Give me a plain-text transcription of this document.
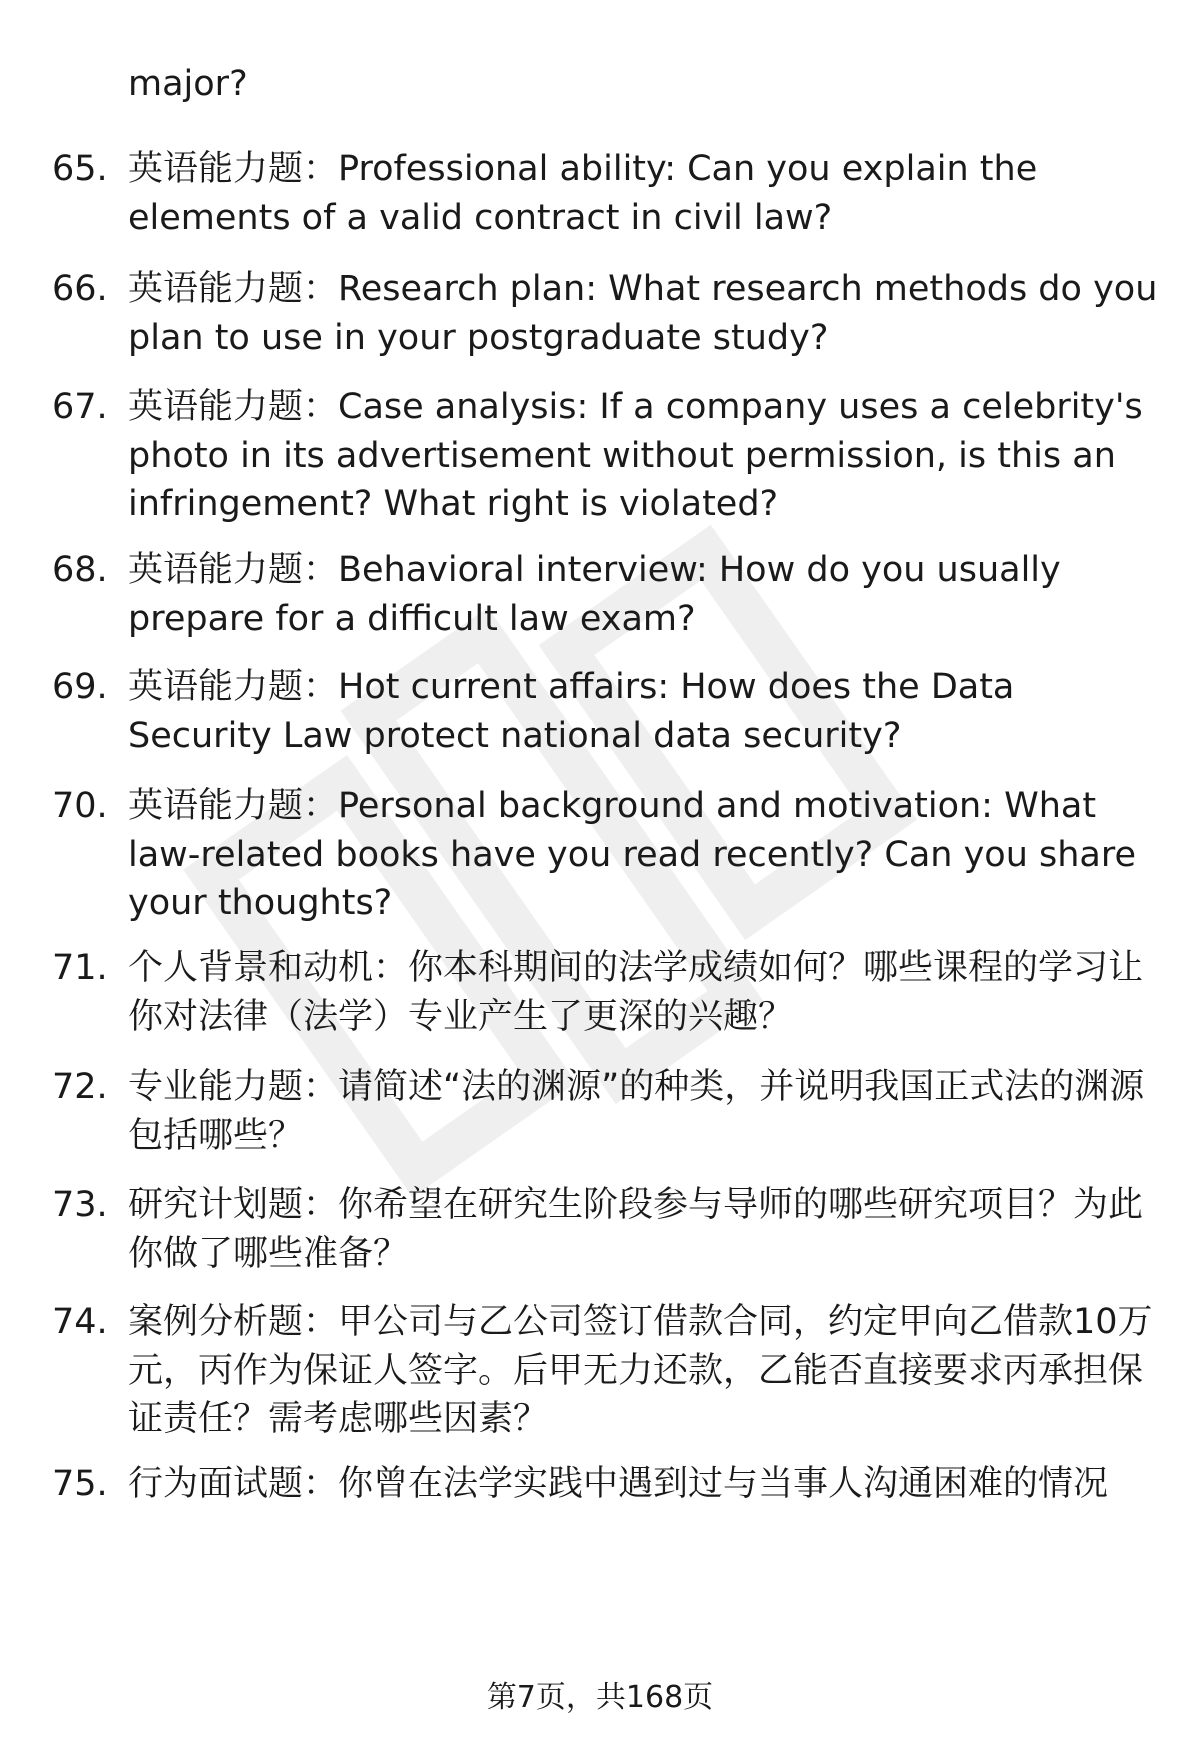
major?
65. 英语能力题：Professional ability: Can you explain the elements of a valid contract in civil law?
66. 英语能力题：Research plan: What research methods do you plan to use in your postgraduate study?
67. 英语能力题：Case analysis: If a company uses a celebrity's photo in its advertisement without permission, is this an infringement? What right is violated?
68. 英语能力题：Behavioral interview: How do you usually prepare for a difficult law exam?
69. 英语能力题：Hot current affairs: How does the Data Security Law protect national data security?
70. 英语能力题：Personal background and motivation: What law-related books have you read recently? Can you share your thoughts?
71. 个人背景和动机：你本科期间的法学成绩如何？哪些课程的学习让你对法律（法学）专业产生了更深的兴趣？
72. 专业能力题：请简述“法的渊源”的种类，并说明我国正式法的渊源包括哪些？
73. 研究计划题：你希望在研究生阶段参与导师的哪些研究项目？为此你做了哪些准备？
74. 案例分析题：甲公司与乙公司签订借款合同，约定甲向乙借款10万元，丙作为保证人签字。后甲无力还款，乙能否直接要求丙承担保证责任？需考虑哪些因素？
75. 行为面试题：你曾在法学实践中遇到过与当事人沟通困难的情况
第7页，共168页
